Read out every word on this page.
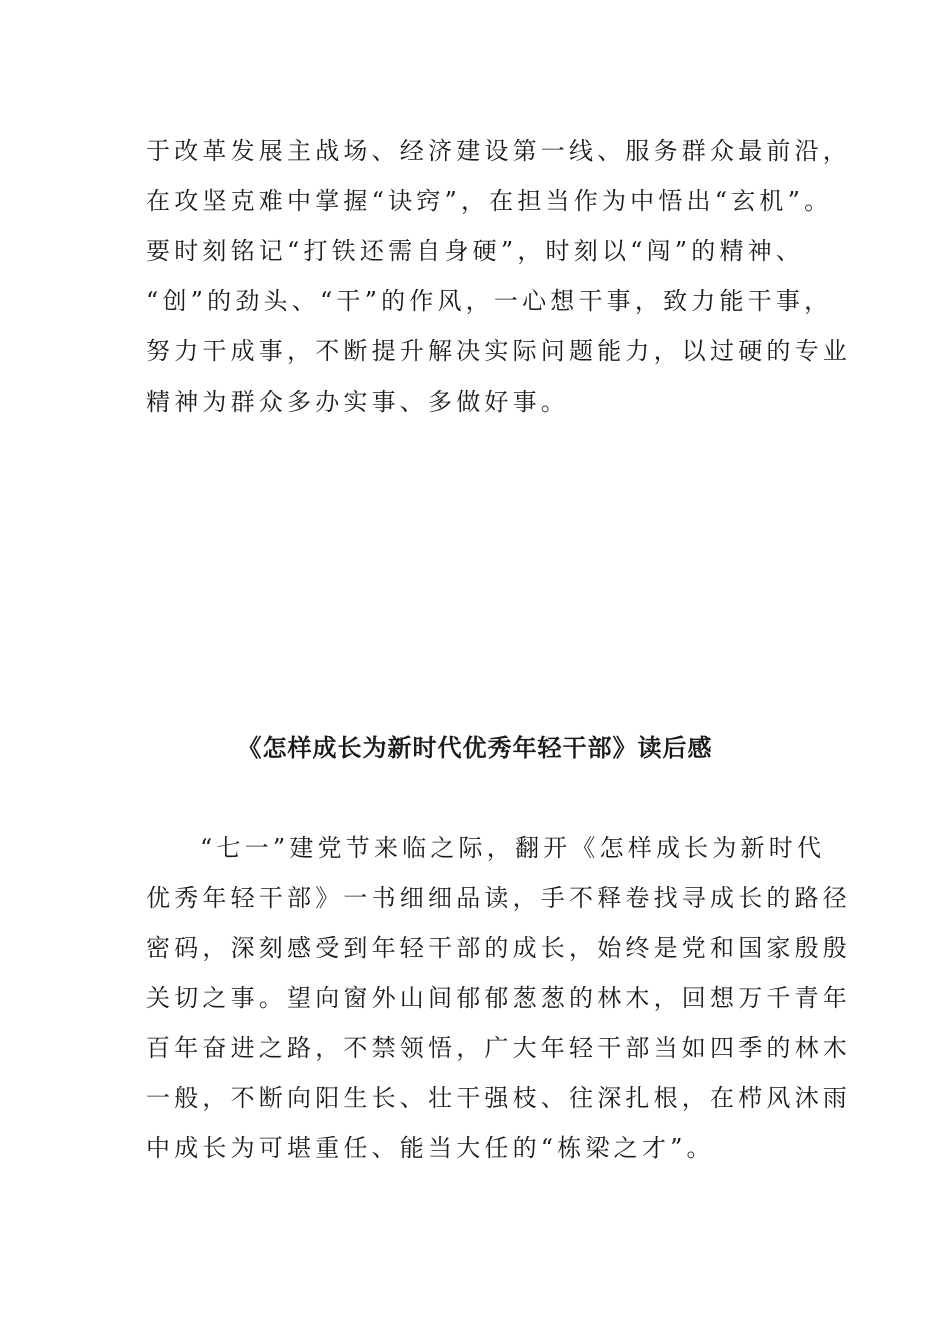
于改革发展主战场、经济建设第一线、服务群众最前沿，
在攻坚克难中掌握“诀窍”，在担当作为中悟出“玄机”。
要时刻铭记“打铁还需自身硬”，时刻以“闯”的精神、
“创”的劲头、“干”的作风，一心想干事，致力能干事，
努力干成事，不断提升解决实际问题能力，以过硬的专业
精神为群众多办实事、多做好事。
《怎样成长为新时代优秀年轻干部》读后感
“七一”建党节来临之际，翻开《怎样成长为新时代
优秀年轻干部》一书细细品读，手不释卷找寻成长的路径
密码，深刻感受到年轻干部的成长，始终是党和国家殷殷
关切之事。望向窗外山间郁郁葱葱的林木，回想万千青年
百年奋进之路，不禁领悟，广大年轻干部当如四季的林木
一般，不断向阳生长、壮干强枝、往深扎根，在栉风沐雨
中成长为可堪重任、能当大任的“栋梁之才”。
